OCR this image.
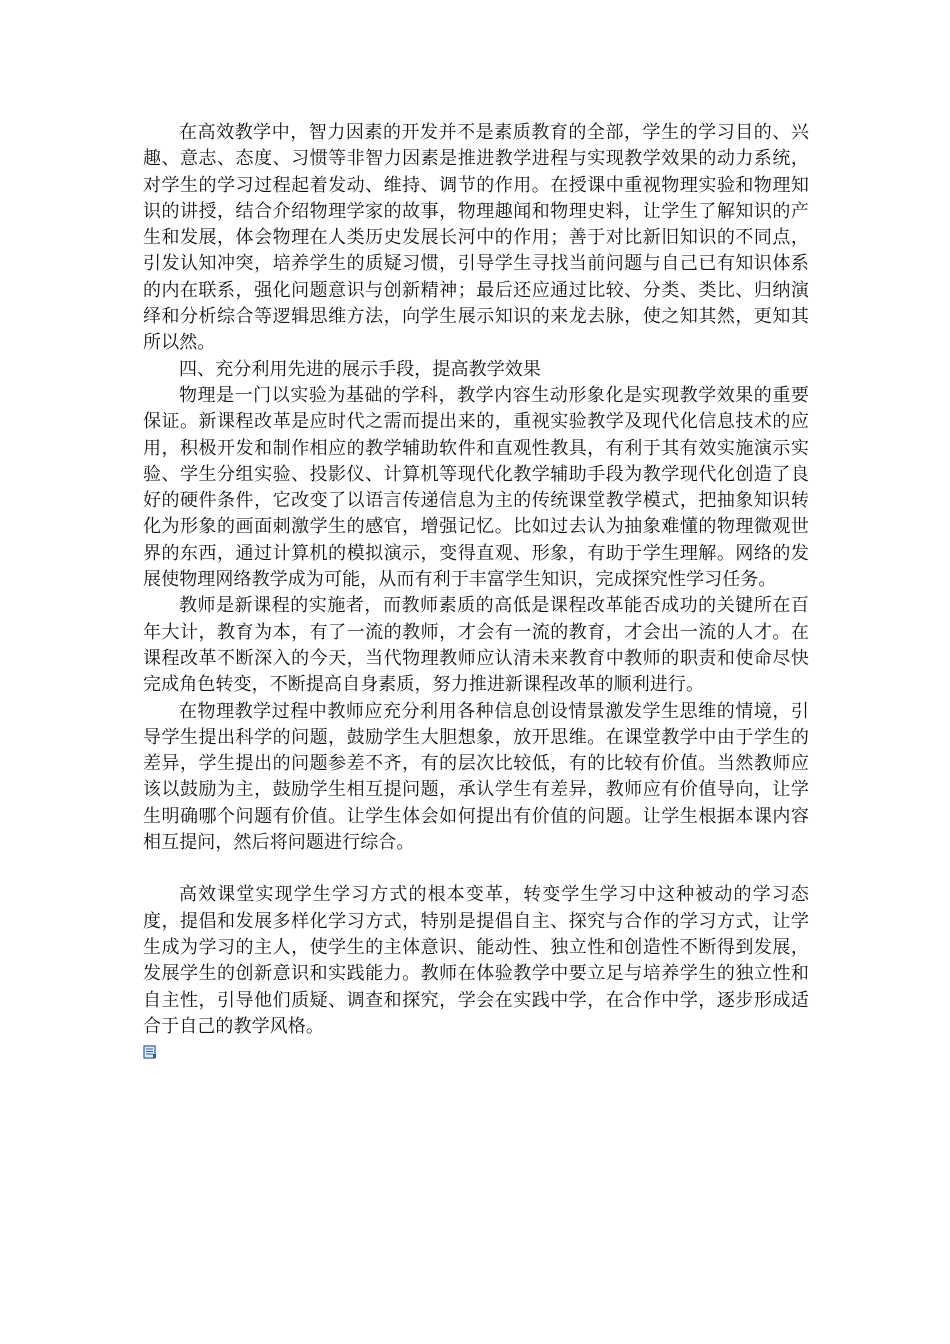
在高效教学中，智力因素的开发并不是素质教育的全部，学生的学习目的、兴趣、意志、态度、习惯等非智力因素是推进教学进程与实现教学效果的动力系统，对学生的学习过程起着发动、维持、调节的作用。在授课中重视物理实验和物理知识的讲授，结合介绍物理学家的故事，物理趣闻和物理史料，让学生了解知识的产生和发展，体会物理在人类历史发展长河中的作用；善于对比新旧知识的不同点，引发认知冲突，培养学生的质疑习惯，引导学生寻找当前问题与自己已有知识体系的内在联系，强化问题意识与创新精神；最后还应通过比较、分类、类比、归纳演绎和分析综合等逻辑思维方法，向学生展示知识的来龙去脉，使之知其然，更知其所以然。

四、充分利用先进的展示手段，提高教学效果

物理是一门以实验为基础的学科，教学内容生动形象化是实现教学效果的重要保证。新课程改革是应时代之需而提出来的，重视实验教学及现代化信息技术的应用，积极开发和制作相应的教学辅助软件和直观性教具，有利于其有效实施演示实验、学生分组实验、投影仪、计算机等现代化教学辅助手段为教学现代化创造了良好的硬件条件，它改变了以语言传递信息为主的传统课堂教学模式，把抽象知识转化为形象的画面刺激学生的感官，增强记忆。比如过去认为抽象难懂的物理微观世界的东西，通过计算机的模拟演示，变得直观、形象，有助于学生理解。网络的发展使物理网络教学成为可能，从而有利于丰富学生知识，完成探究性学习任务。

教师是新课程的实施者，而教师素质的高低是课程改革能否成功的关键所在百年大计，教育为本，有了一流的教师，才会有一流的教育，才会出一流的人才。在课程改革不断深入的今天，当代物理教师应认清未来教育中教师的职责和使命尽快完成角色转变，不断提高自身素质，努力推进新课程改革的顺利进行。

在物理教学过程中教师应充分利用各种信息创设情景激发学生思维的情境，引导学生提出科学的问题，鼓励学生大胆想象，放开思维。在课堂教学中由于学生的差异，学生提出的问题参差不齐，有的层次比较低，有的比较有价值。当然教师应该以鼓励为主，鼓励学生相互提问题，承认学生有差异，教师应有价值导向，让学生明确哪个问题有价值。让学生体会如何提出有价值的问题。让学生根据本课内容相互提问，然后将问题进行综合。

高效课堂实现学生学习方式的根本变革，转变学生学习中这种被动的学习态度，提倡和发展多样化学习方式，特别是提倡自主、探究与合作的学习方式，让学生成为学习的主人，使学生的主体意识、能动性、独立性和创造性不断得到发展，发展学生的创新意识和实践能力。教师在体验教学中要立足与培养学生的独立性和自主性，引导他们质疑、调查和探究，学会在实践中学，在合作中学，逐步形成适合于自己的教学风格。
